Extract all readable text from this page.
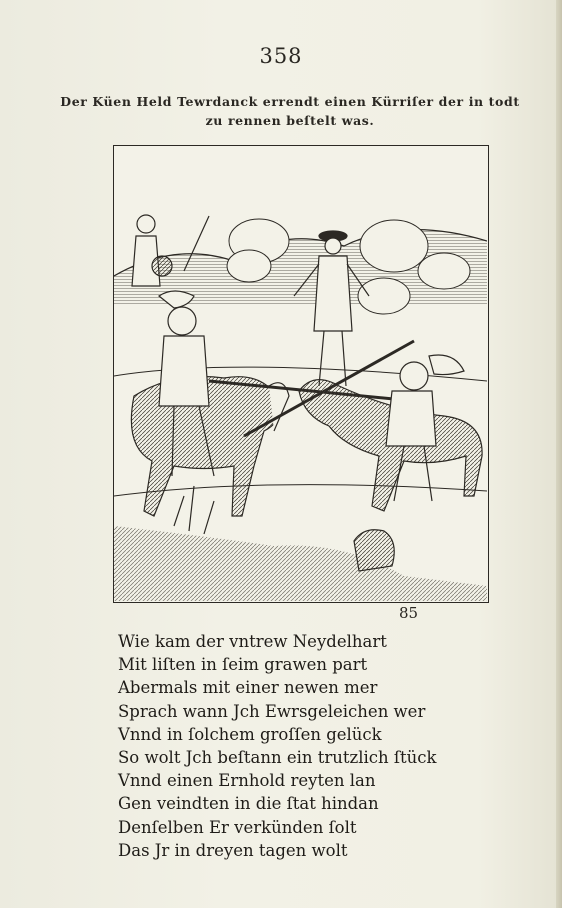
358
Der Küen Held Tewrdanck errendt einen Kürriſer der in todt zu rennen beſtelt was.
85
Wie kam der vntrew Neydelhart
Mit liſten in ſeim grawen part
Abermals mit einer newen mer
Sprach wann Jch Ewrsgeleichen wer
Vnnd in ſolchem groſſen gelück
So wolt Jch beſtann ein trutzlich ſtück
Vnnd einen Ernhold reyten lan
Gen veindten in die ſtat hindan
Denſelben Er verkünden ſolt
Das Jr in dreyen tagen wolt
